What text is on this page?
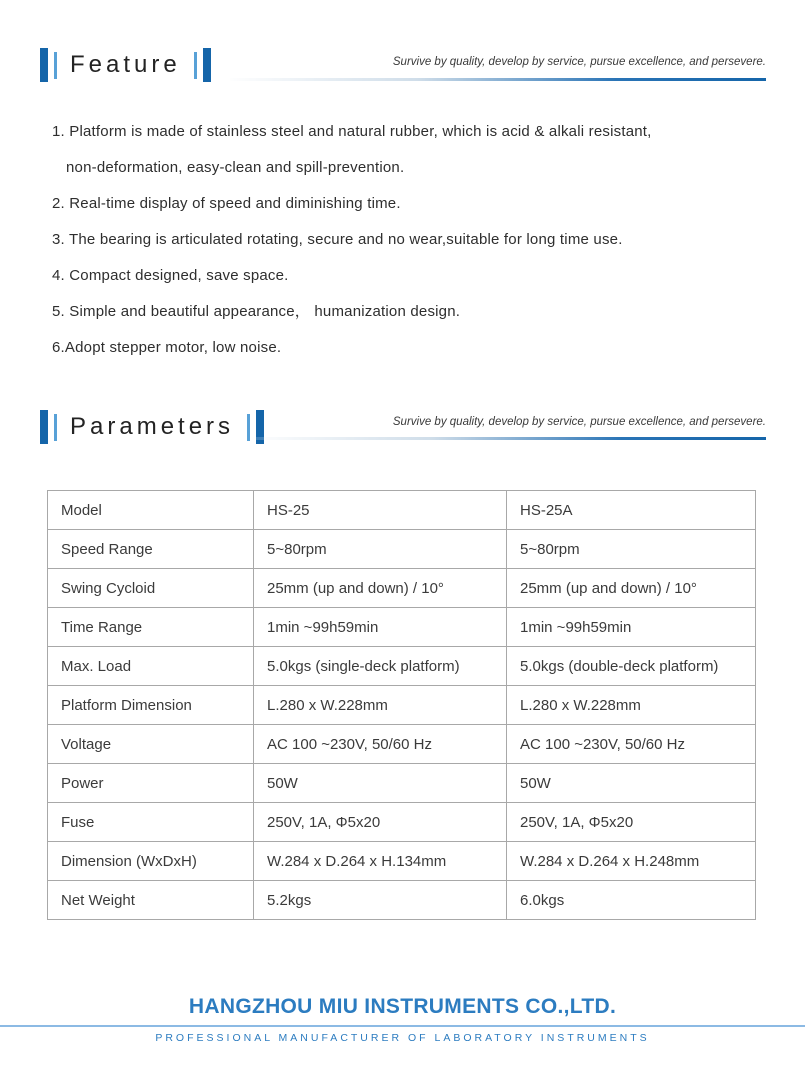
Feature	Survive by quality, develop by service, pursue excellence, and persevere.
1. Platform is made of stainless steel and natural rubber, which is acid & alkali resistant,
non-deformation, easy-clean and spill-prevention.
2. Real-time display of speed and diminishing time.
3. The bearing is articulated rotating, secure and no wear,suitable for long time use.
4. Compact designed, save space.
5. Simple and beautiful appearance， humanization design.
6.Adopt stepper motor, low noise.
Parameters	Survive by quality, develop by service, pursue excellence, and persevere.
Model	HS-25	HS-25A
Speed Range	5~80rpm	5~80rpm
Swing Cycloid	25mm (up and down) / 10°	25mm (up and down) / 10°
Time Range	1min ~99h59min	1min ~99h59min
Max. Load	5.0kgs (single-deck platform)	5.0kgs (double-deck platform)
Platform Dimension	L.280 x W.228mm	L.280 x W.228mm
Voltage	AC 100 ~230V, 50/60 Hz	AC 100 ~230V, 50/60 Hz
Power	50W	50W
Fuse	250V, 1A, Φ5x20	250V, 1A, Φ5x20
Dimension (WxDxH)	W.284 x D.264 x H.134mm	W.284 x D.264 x H.248mm
Net Weight	5.2kgs	6.0kgs
HANGZHOU MIU INSTRUMENTS CO.,LTD.
PROFESSIONAL MANUFACTURER OF LABORATORY INSTRUMENTS
